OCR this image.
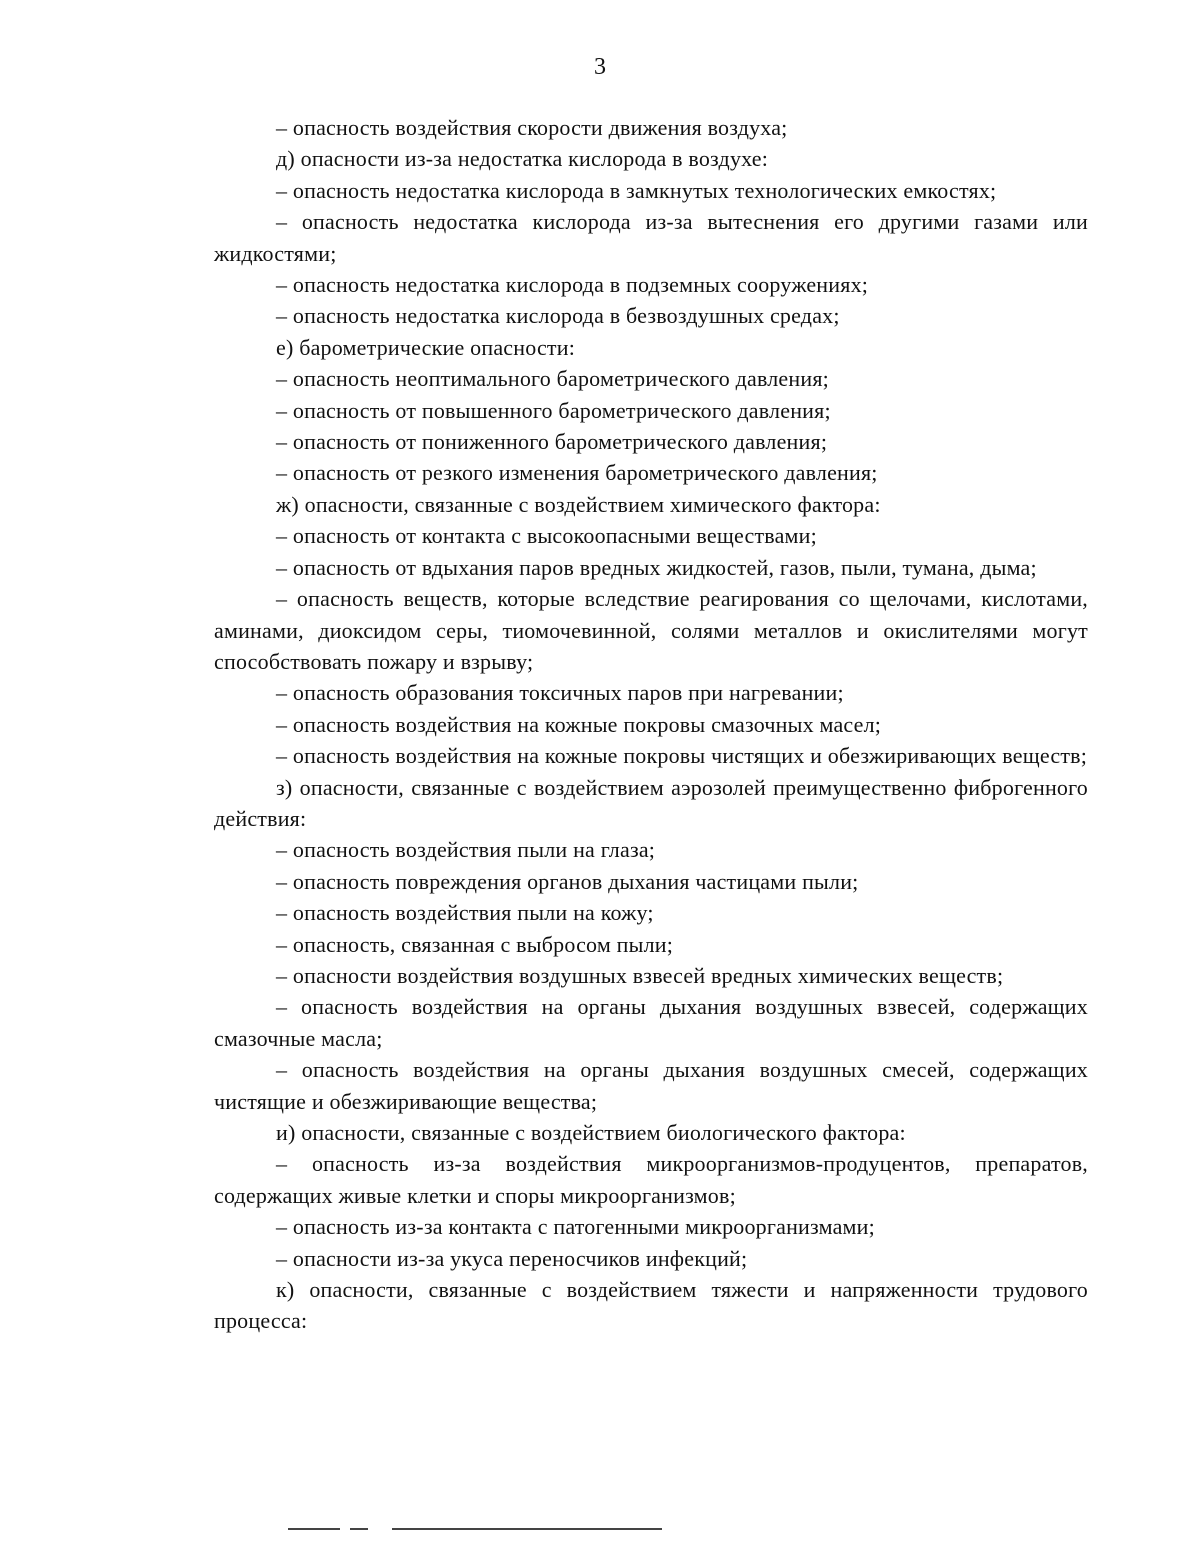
3

– опасность воздействия скорости движения воздуха;

д) опасности из-за недостатка кислорода в воздухе:

– опасность недостатка кислорода в замкнутых технологических емкостях;

– опасность недостатка кислорода из-за вытеснения его другими газами или жидкостями;

– опасность недостатка кислорода в подземных сооружениях;

– опасность недостатка кислорода в безвоздушных средах;

е) барометрические опасности:

– опасность неоптимального барометрического давления;

– опасность от повышенного барометрического давления;

– опасность от пониженного барометрического давления;

– опасность от резкого изменения барометрического давления;

ж) опасности, связанные с воздействием химического фактора:

– опасность от контакта с высокоопасными веществами;

– опасность от вдыхания паров вредных жидкостей, газов, пыли, тумана, дыма;

– опасность веществ, которые вследствие реагирования со щелочами, кислотами, аминами, диоксидом серы, тиомочевинной, солями металлов и окислителями могут способствовать пожару и взрыву;

– опасность образования токсичных паров при нагревании;

– опасность воздействия на кожные покровы смазочных масел;

– опасность воздействия на кожные покровы чистящих и обезжиривающих веществ;

з) опасности, связанные с воздействием аэрозолей преимущественно фиброгенного действия:

– опасность воздействия пыли на глаза;

– опасность повреждения органов дыхания частицами пыли;

– опасность воздействия пыли на кожу;

– опасность, связанная с выбросом пыли;

– опасности воздействия воздушных взвесей вредных химических веществ;

– опасность воздействия на органы дыхания воздушных взвесей, содержащих смазочные масла;

– опасность воздействия на органы дыхания воздушных смесей, содержащих чистящие и обезжиривающие вещества;

и) опасности, связанные с воздействием биологического фактора:

– опасность из-за воздействия микроорганизмов-продуцентов, препаратов, содержащих живые клетки и споры микроорганизмов;

– опасность из-за контакта с патогенными микроорганизмами;

– опасности из-за укуса переносчиков инфекций;

к) опасности, связанные с воздействием тяжести и напряженности трудового процесса:
